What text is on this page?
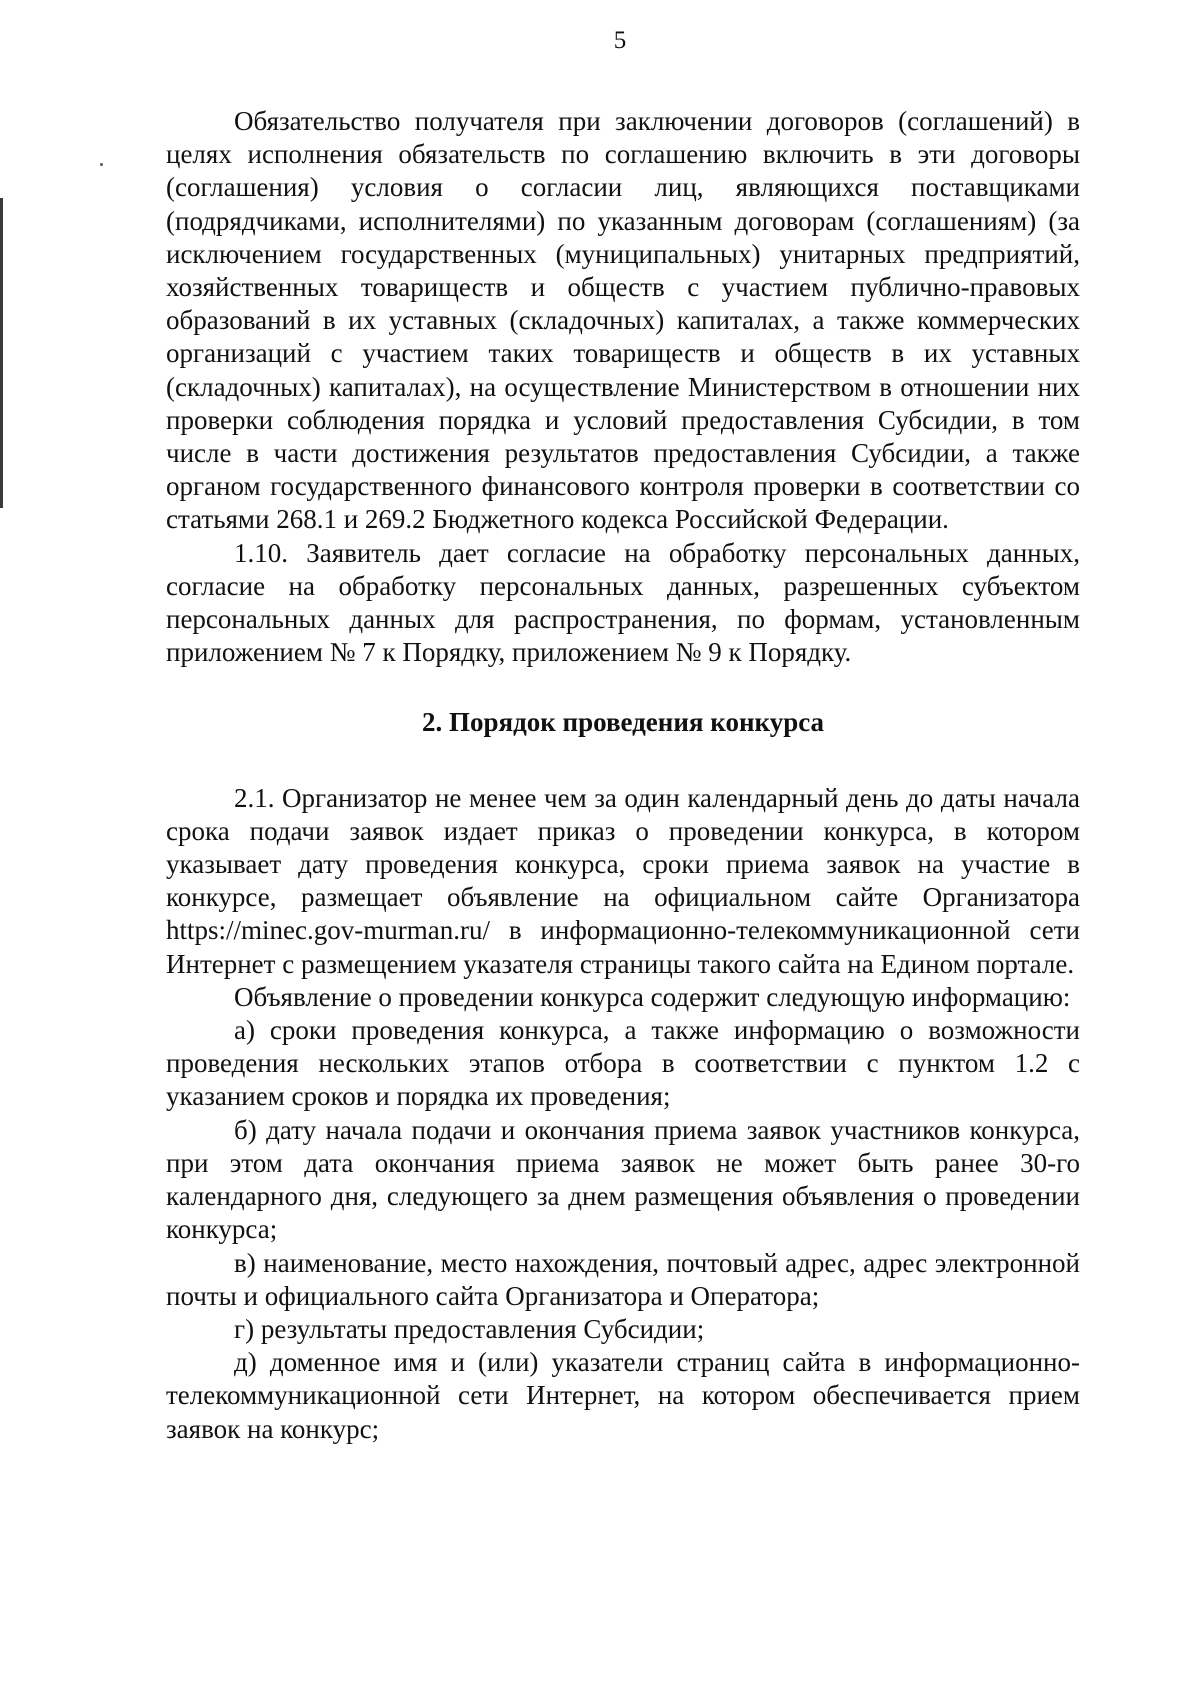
5

Обязательство получателя при заключении договоров (соглашений) в целях исполнения обязательств по соглашению включить в эти договоры (соглашения) условия о согласии лиц, являющихся поставщиками (подрядчиками, исполнителями) по указанным договорам (соглашениям) (за исключением государственных (муниципальных) унитарных предприятий, хозяйственных товариществ и обществ с участием публично-правовых образований в их уставных (складочных) капиталах, а также коммерческих организаций с участием таких товариществ и обществ в их уставных (складочных) капиталах), на осуществление Министерством в отношении них проверки соблюдения порядка и условий предоставления Субсидии, в том числе в части достижения результатов предоставления Субсидии, а также органом государственного финансового контроля проверки в соответствии со статьями 268.1 и 269.2 Бюджетного кодекса Российской Федерации.

1.10. Заявитель дает согласие на обработку персональных данных, согласие на обработку персональных данных, разрешенных субъектом персональных данных для распространения, по формам, установленным приложением № 7 к Порядку, приложением № 9 к Порядку.

2. Порядок проведения конкурса

2.1. Организатор не менее чем за один календарный день до даты начала срока подачи заявок издает приказ о проведении конкурса, в котором указывает дату проведения конкурса, сроки приема заявок на участие в конкурсе, размещает объявление на официальном сайте Организатора https://minec.gov-murman.ru/ в информационно-телекоммуникационной сети Интернет с размещением указателя страницы такого сайта на Едином портале.

Объявление о проведении конкурса содержит следующую информацию:

а) сроки проведения конкурса, а также информацию о возможности проведения нескольких этапов отбора в соответствии с пунктом 1.2 с указанием сроков и порядка их проведения;

б) дату начала подачи и окончания приема заявок участников конкурса, при этом дата окончания приема заявок не может быть ранее 30-го календарного дня, следующего за днем размещения объявления о проведении конкурса;

в) наименование, место нахождения, почтовый адрес, адрес электронной почты и официального сайта Организатора и Оператора;

г) результаты предоставления Субсидии;

д) доменное имя и (или) указатели страниц сайта в информационно-телекоммуникационной сети Интернет, на котором обеспечивается прием заявок на конкурс;
